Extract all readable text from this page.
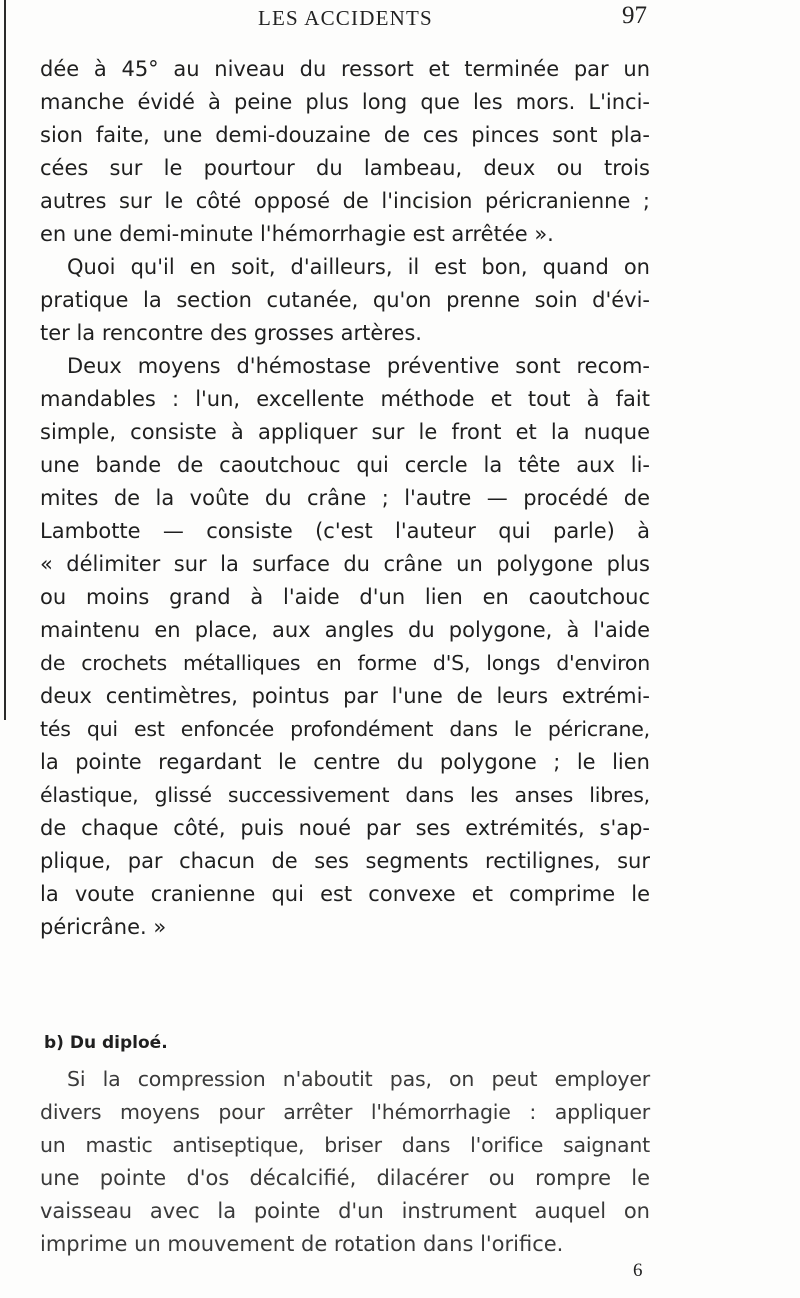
LES ACCIDENTS	97
dée à 45° au niveau du ressort et terminée par un
manche évidé à peine plus long que les mors. L'inci-
sion faite, une demi-douzaine de ces pinces sont pla-
cées sur le pourtour du lambeau, deux ou trois
autres sur le côté opposé de l'incision péricranienne ;
en une demi-minute l'hémorrhagie est arrêtée ».
Quoi qu'il en soit, d'ailleurs, il est bon, quand on
pratique la section cutanée, qu'on prenne soin d'évi-
ter la rencontre des grosses artères.
Deux moyens d'hémostase préventive sont recom-
mandables : l'un, excellente méthode et tout à fait
simple, consiste à appliquer sur le front et la nuque
une bande de caoutchouc qui cercle la tête aux li-
mites de la voûte du crâne ; l'autre — procédé de
Lambotte — consiste (c'est l'auteur qui parle) à
« délimiter sur la surface du crâne un polygone plus
ou moins grand à l'aide d'un lien en caoutchouc
maintenu en place, aux angles du polygone, à l'aide
de crochets métalliques en forme d'S, longs d'environ
deux centimètres, pointus par l'une de leurs extrémi-
tés qui est enfoncée profondément dans le péricrane,
la pointe regardant le centre du polygone ; le lien
élastique, glissé successivement dans les anses libres,
de chaque côté, puis noué par ses extrémités, s'ap-
plique, par chacun de ses segments rectilignes, sur
la voute cranienne qui est convexe et comprime le
péricrâne. »
b) Du diploé.
Si la compression n'aboutit pas, on peut employer
divers moyens pour arrêter l'hémorrhagie : appliquer
un mastic antiseptique, briser dans l'orifice saignant
une pointe d'os décalcifié, dilacérer ou rompre le
vaisseau avec la pointe d'un instrument auquel on
imprime un mouvement de rotation dans l'orifice.
6
